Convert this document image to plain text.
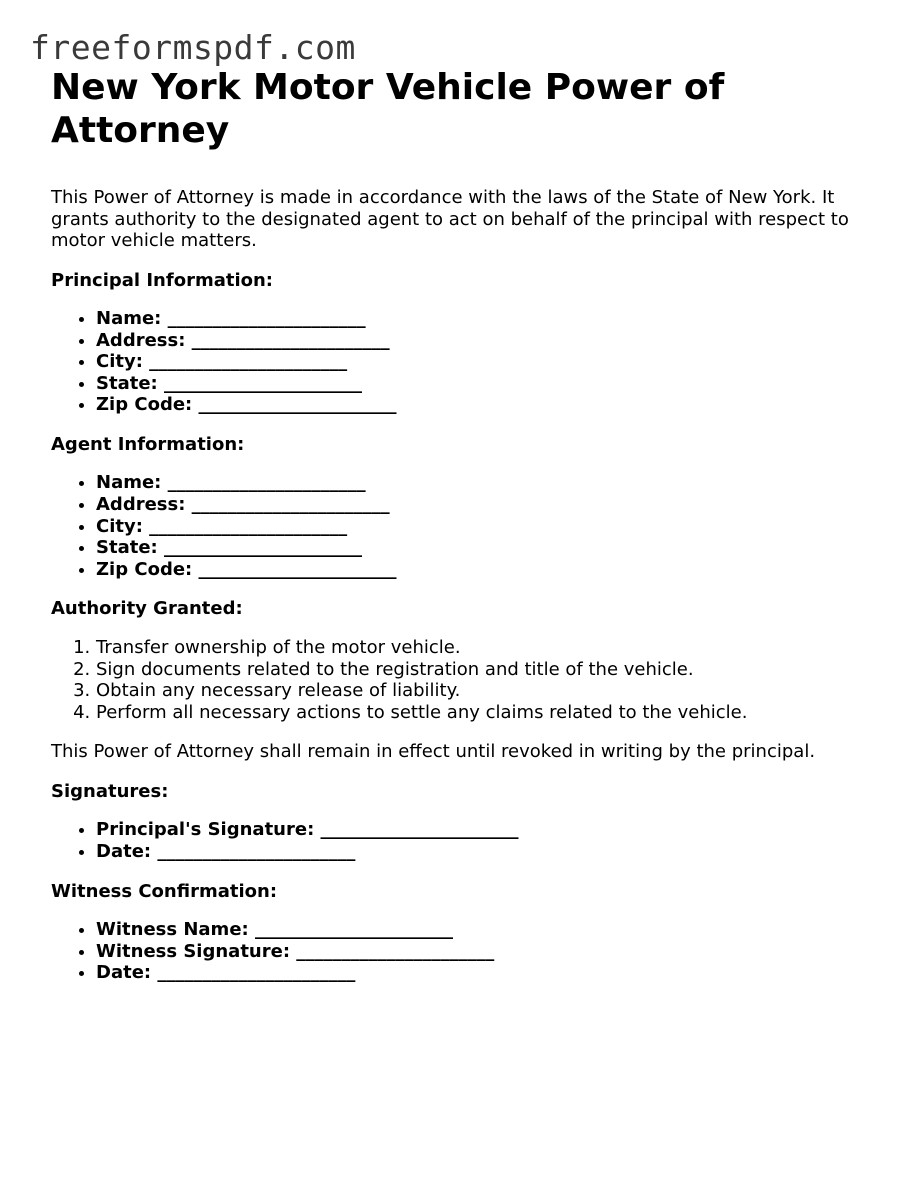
freeformspdf.com
New York Motor Vehicle Power of Attorney

This Power of Attorney is made in accordance with the laws of the State of New York. It grants authority to the designated agent to act on behalf of the principal with respect to motor vehicle matters.

Principal Information:
• Name: ______________________
• Address: ______________________
• City: ______________________
• State: ______________________
• Zip Code: ______________________
Agent Information:
• Name: ______________________
• Address: ______________________
• City: ______________________
• State: ______________________
• Zip Code: ______________________
Authority Granted:
1. Transfer ownership of the motor vehicle.
2. Sign documents related to the registration and title of the vehicle.
3. Obtain any necessary release of liability.
4. Perform all necessary actions to settle any claims related to the vehicle.

This Power of Attorney shall remain in effect until revoked in writing by the principal.

Signatures:
• Principal's Signature: ______________________
• Date: ______________________
Witness Confirmation:
• Witness Name: ______________________
• Witness Signature: ______________________
• Date: ______________________
